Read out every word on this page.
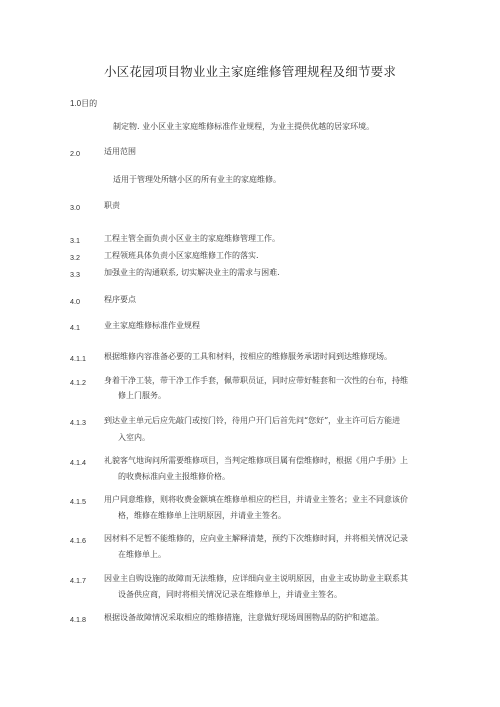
小区花园项目物业业主家庭维修管理规程及细节要求
1.0目的
制定物. 业小区业主家庭维修标准作业规程，为业主提供优越的居家环境。
2.0	适用范围
适用于管理处所辖小区的所有业主的家庭维修。
3.0	职责
3.1	工程主管全面负责小区业主的家庭维修管理工作。
3.2	工程领班具体负责小区家庭维修工作的落实.
3.3	加强业主的沟通联系, 切实解决业主的需求与困难.
4.0	程序要点
4.1	业主家庭维修标准作业规程
4.1.1 根据维修内容准备必要的工具和材料，按相应的维修服务承诺时间到达维修现场。
4.1.2 身着干净工装，带干净工作手套，佩带职员证，同时应带好鞋套和一次性的台布，持维
修上门服务。
4.1.3 到达业主单元后应先敲门或按门铃，待用户开门后首先问“您好”，业主许可后方能进
入室内。
4.1.4 礼貌客气地询问所需要维修项目，当判定维修项目属有偿维修时，根据《用户手册》上
的收费标准向业主报维修价格。
4.1.5 用户同意维修，则将收费金额填在维修单相应的栏目，并请业主签名；业主不同意该价
格，维修在维修单上注明原因，并请业主签名。
4.1.6 因材料不足暂不能维修的，应向业主解释清楚，预约下次维修时间，并将相关情况记录
在维修单上。
4.1.7 因业主自购设施的故障而无法维修，应详细向业主说明原因，由业主或协助业主联系其
设备供应商，同时将相关情况记录在维修单上，并请业主签名。
4.1.8 根据设备故障情况采取相应的维修措施，注意做好现场周围物品的防护和遮盖。
